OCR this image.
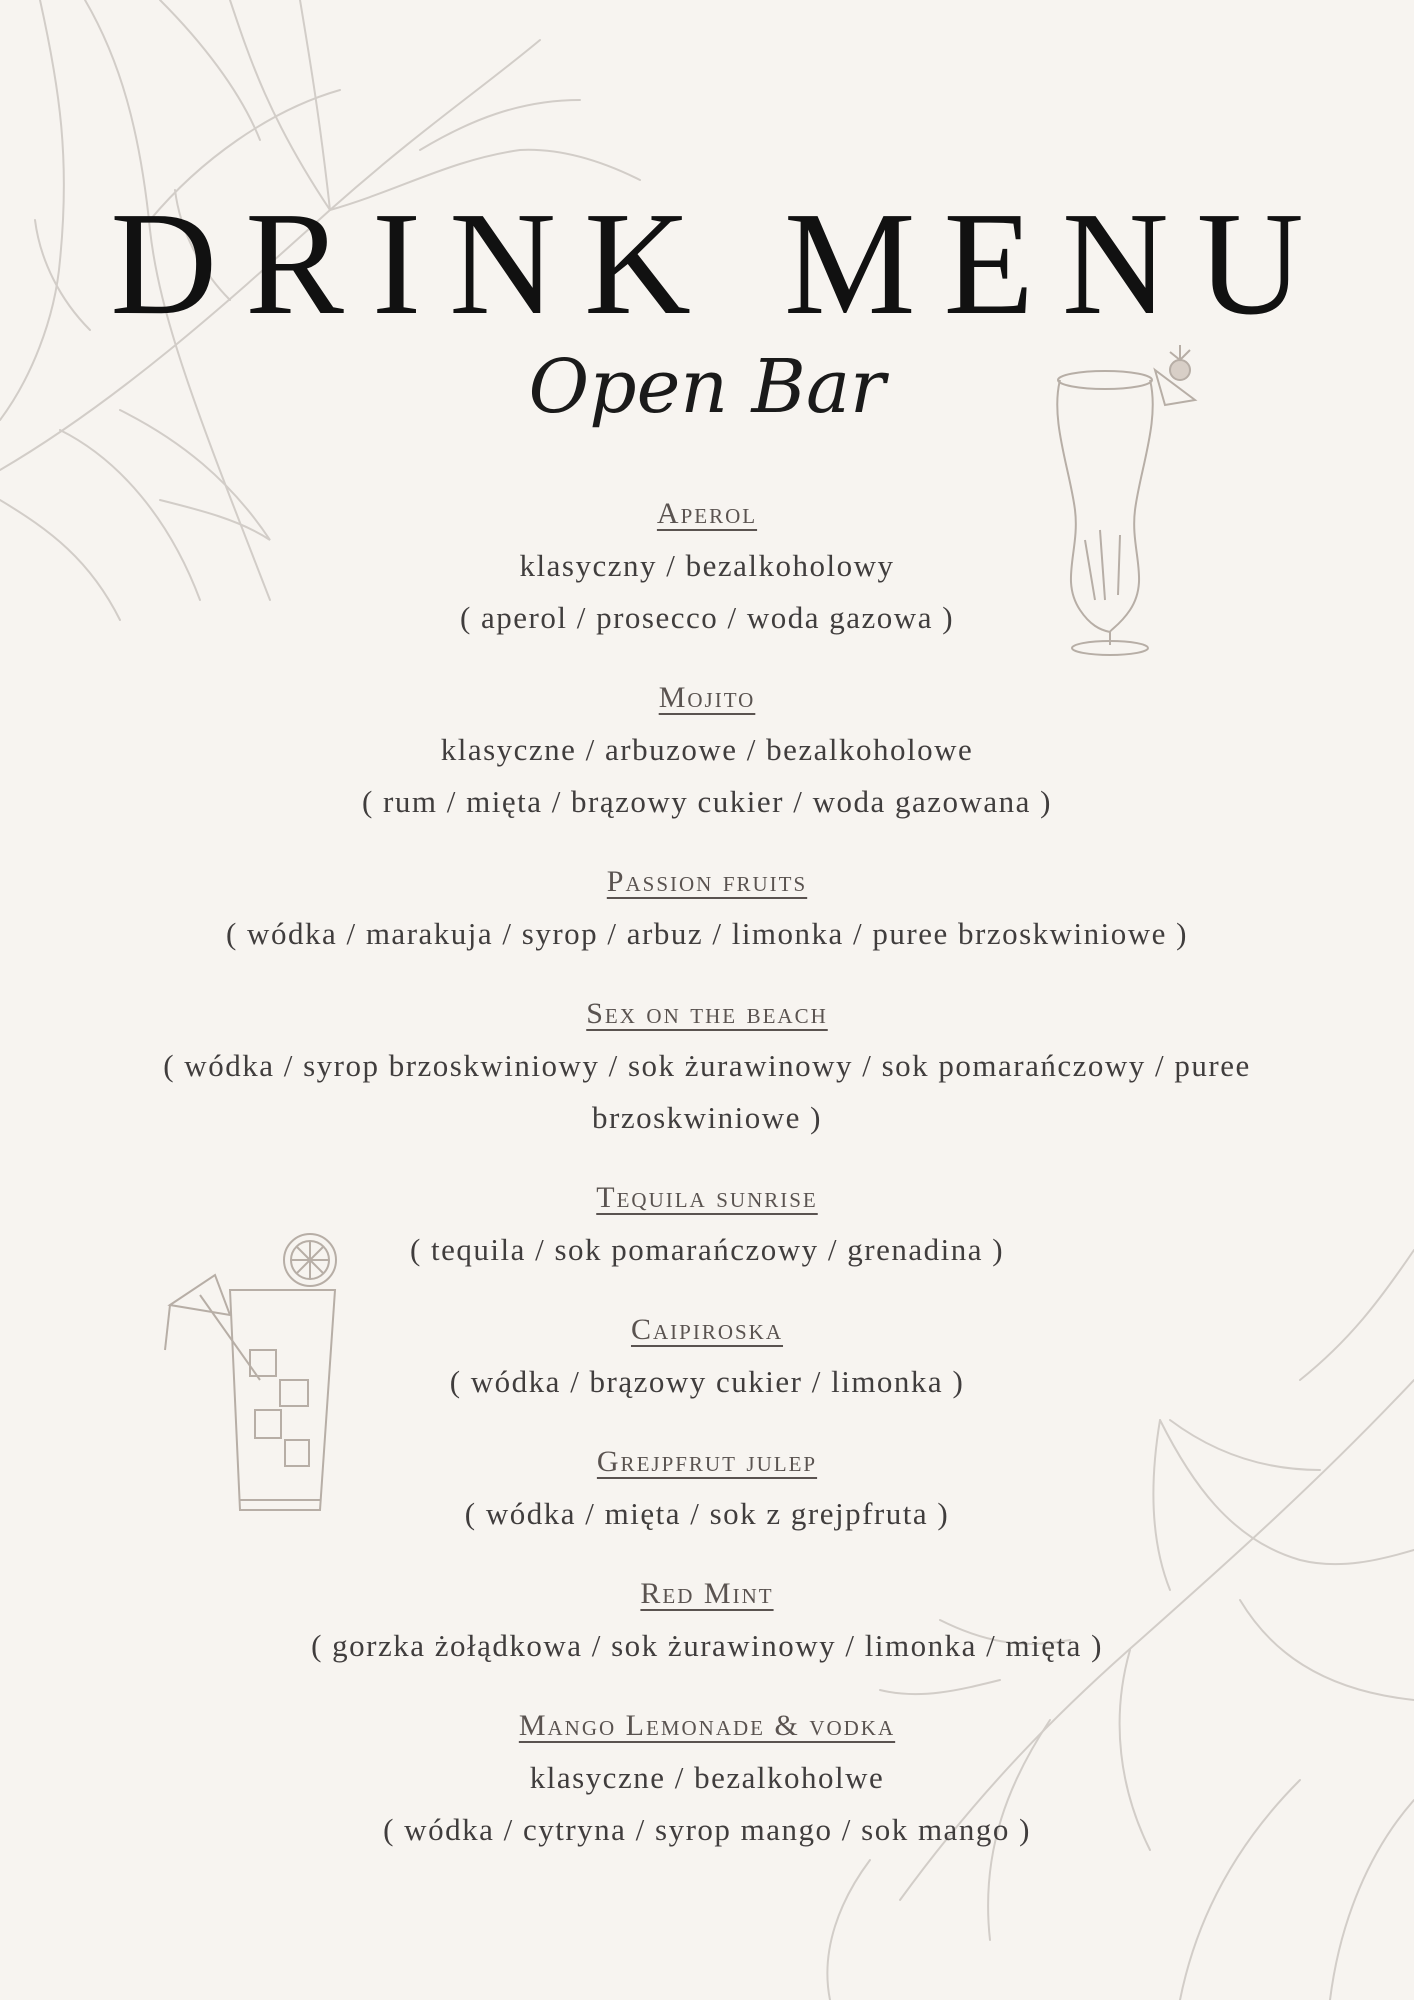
DRINK MENU
Open Bar
Aperol
klasyczny / bezalkoholowy
( aperol / prosecco / woda gazowa )
Mojito
klasyczne / arbuzowe / bezalkoholowe
( rum / mięta / brązowy cukier / woda gazowana )
Passion fruits
( wódka / marakuja / syrop / arbuz / limonka / puree brzoskwiniowe )
Sex on the beach
( wódka / syrop brzoskwiniowy / sok żurawinowy / sok pomarańczowy / puree brzoskwiniowe )
Tequila sunrise
( tequila / sok pomarańczowy / grenadina )
Caipiroska
( wódka / brązowy cukier / limonka )
Grejpfrut julep
( wódka / mięta / sok z grejpfruta )
Red Mint
( gorzka żołądkowa / sok żurawinowy / limonka / mięta )
Mango Lemonade & vodka
klasyczne / bezalkoholwe
( wódka / cytryna / syrop mango / sok mango )
